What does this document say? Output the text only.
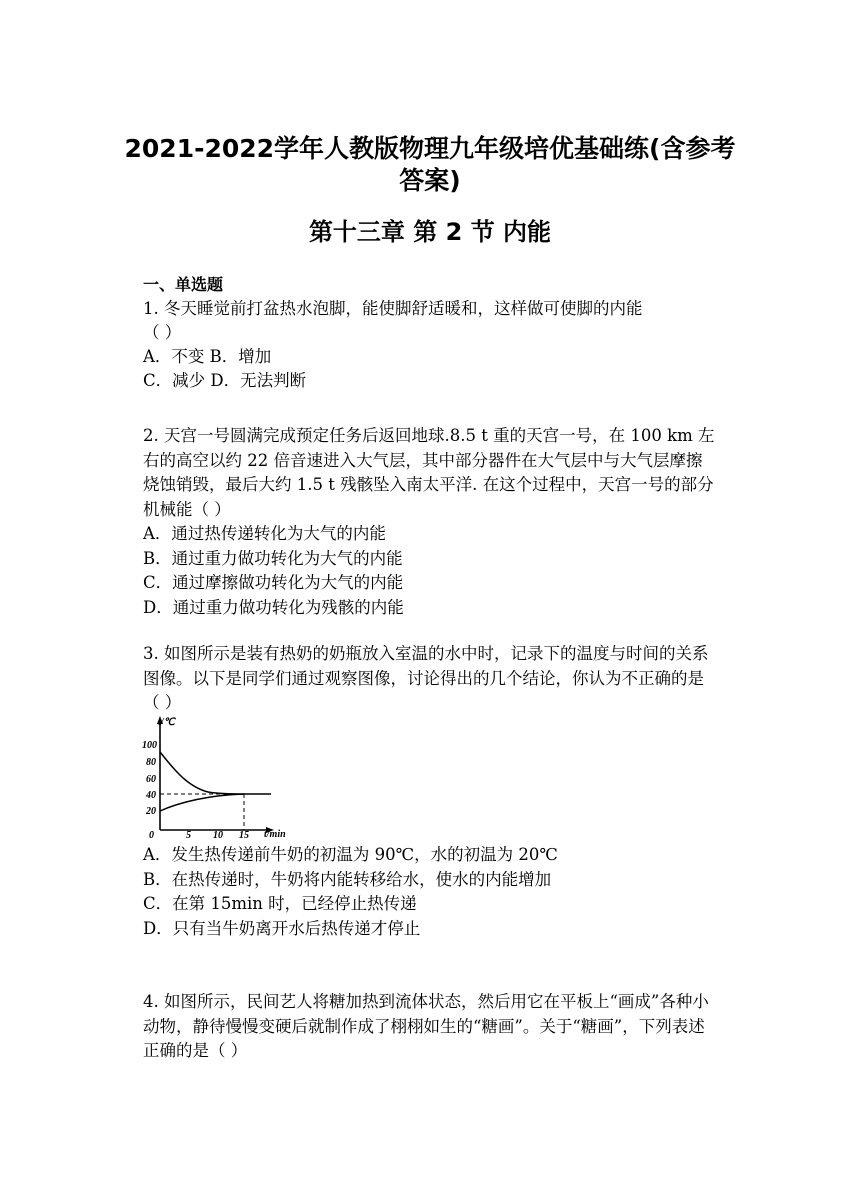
2021-2022学年人教版物理九年级培优基础练(含参考
答案)
第十三章 第 2 节 内能
一、单选题
1. 冬天睡觉前打盆热水泡脚，能使脚舒适暖和，这样做可使脚的内能
（ ）
A．不变 B．增加
C．减少 D．无法判断
2. 天宫一号圆满完成预定任务后返回地球.8.5 t 重的天宫一号，在 100 km 左右的高空以约 22 倍音速进入大气层，其中部分器件在大气层中与大气层摩擦烧蚀销毁，最后大约 1.5 t 残骸坠入南太平洋. 在这个过程中，天宫一号的部分机械能（ ）
A．通过热传递转化为大气的内能
B．通过重力做功转化为大气的内能
C．通过摩擦做功转化为大气的内能
D．通过重力做功转化为残骸的内能
3. 如图所示是装有热奶的奶瓶放入室温的水中时，记录下的温度与时间的关系图像。以下是同学们通过观察图像，讨论得出的几个结论，你认为不正确的是（ ）
t/℃
t/min
0
100
80
60
40
20
5 10 15
A．发生热传递前牛奶的初温为 90℃，水的初温为 20℃
B．在热传递时，牛奶将内能转移给水，使水的内能增加
C．在第 15min 时，已经停止热传递
D．只有当牛奶离开水后热传递才停止
4. 如图所示，民间艺人将糖加热到流体状态，然后用它在平板上“画成”各种小动物，静待慢慢变硬后就制作成了栩栩如生的“糖画”。关于“糖画”，下列表述正确的是（ ）
